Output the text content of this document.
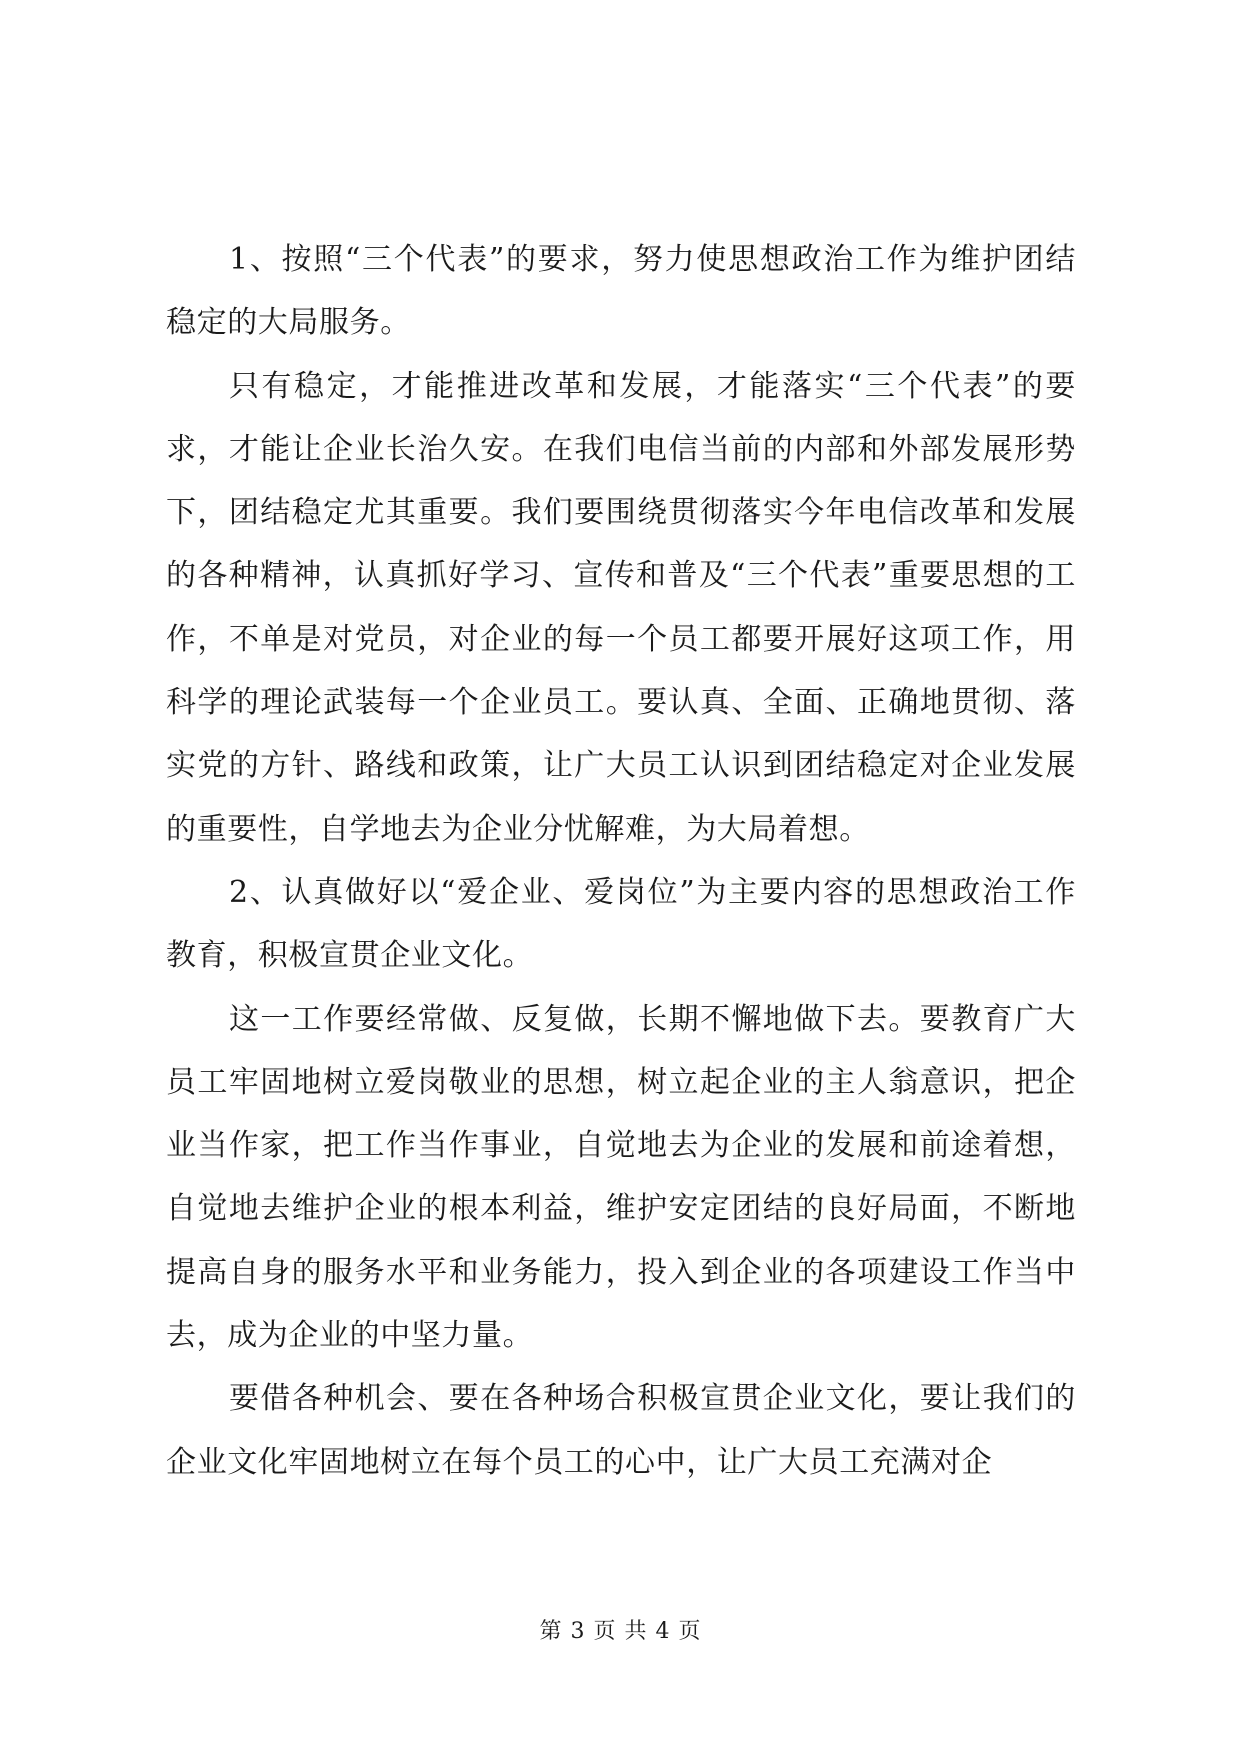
1、按照“三个代表”的要求，努力使思想政治工作为维护团结稳定的大局服务。

只有稳定，才能推进改革和发展，才能落实“三个代表”的要求，才能让企业长治久安。在我们电信当前的内部和外部发展形势下，团结稳定尤其重要。我们要围绕贯彻落实今年电信改革和发展的各种精神，认真抓好学习、宣传和普及“三个代表”重要思想的工作，不单是对党员，对企业的每一个员工都要开展好这项工作，用科学的理论武装每一个企业员工。要认真、全面、正确地贯彻、落实党的方针、路线和政策，让广大员工认识到团结稳定对企业发展的重要性，自学地去为企业分忧解难，为大局着想。

2、认真做好以“爱企业、爱岗位”为主要内容的思想政治工作教育，积极宣贯企业文化。

这一工作要经常做、反复做，长期不懈地做下去。要教育广大员工牢固地树立爱岗敬业的思想，树立起企业的主人翁意识，把企业当作家，把工作当作事业，自觉地去为企业的发展和前途着想，自觉地去维护企业的根本利益，维护安定团结的良好局面，不断地提高自身的服务水平和业务能力，投入到企业的各项建设工作当中去，成为企业的中坚力量。

要借各种机会、要在各种场合积极宣贯企业文化，要让我们的企业文化牢固地树立在每个员工的心中，让广大员工充满对企

第 3 页 共 4 页
